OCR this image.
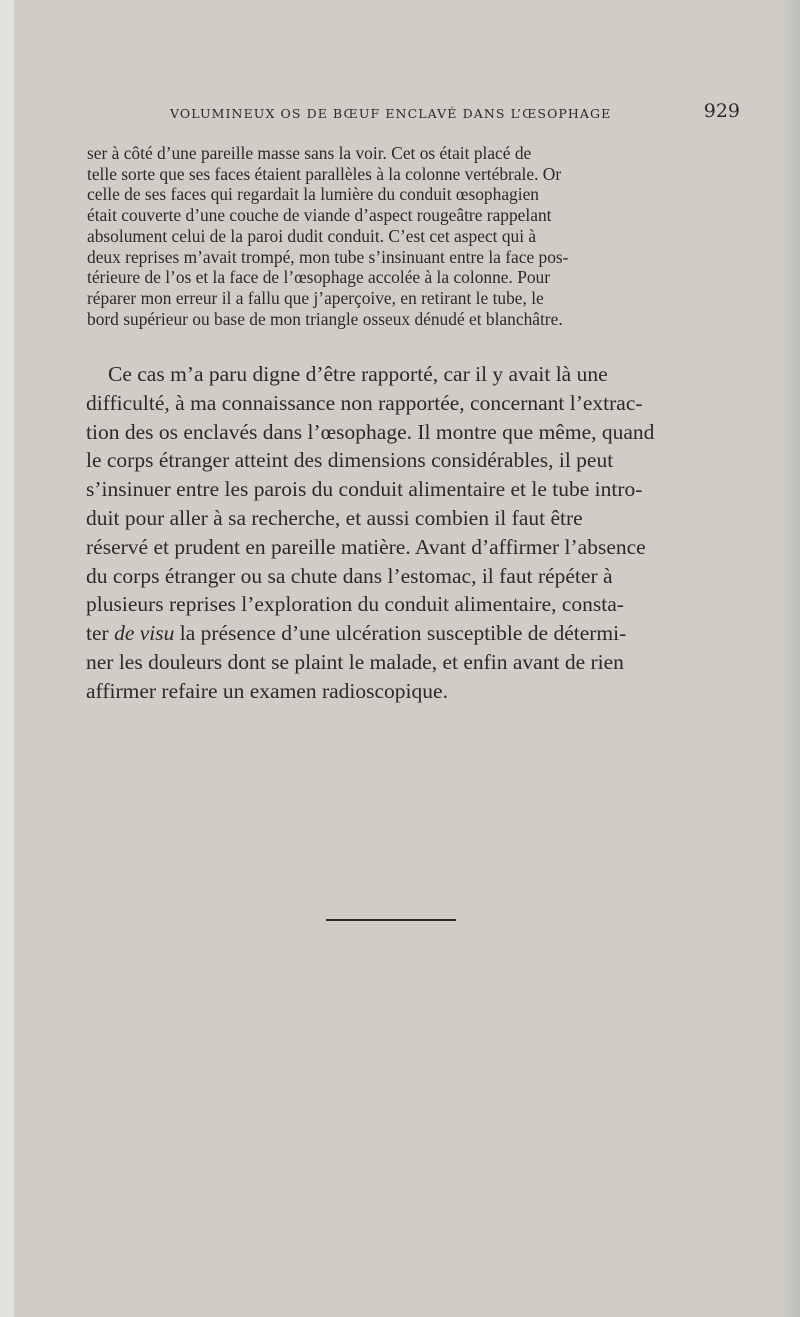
VOLUMINEUX OS DE BŒUF ENCLAVÉ DANS L’ŒSOPHAGE	929
ser à côté d’une pareille masse sans la voir. Cet os était placé de
telle sorte que ses faces étaient parallèles à la colonne vertébrale. Or
celle de ses faces qui regardait la lumière du conduit œsophagien
était couverte d’une couche de viande d’aspect rougeâtre rappelant
absolument celui de la paroi dudit conduit. C’est cet aspect qui à
deux reprises m’avait trompé, mon tube s’insinuant entre la face pos-
térieure de l’os et la face de l’œsophage accolée à la colonne. Pour
réparer mon erreur il a fallu que j’aperçoive, en retirant le tube, le
bord supérieur ou base de mon triangle osseux dénudé et blanchâtre.
Ce cas m’a paru digne d’être rapporté, car il y avait là une
difficulté, à ma connaissance non rapportée, concernant l’extrac-
tion des os enclavés dans l’œsophage. Il montre que même, quand
le corps étranger atteint des dimensions considérables, il peut
s’insinuer entre les parois du conduit alimentaire et le tube intro-
duit pour aller à sa recherche, et aussi combien il faut être
réservé et prudent en pareille matière. Avant d’affirmer l’absence
du corps étranger ou sa chute dans l’estomac, il faut répéter à
plusieurs reprises l’exploration du conduit alimentaire, consta-
ter de visu la présence d’une ulcération susceptible de détermi-
ner les douleurs dont se plaint le malade, et enfin avant de rien
affirmer refaire un examen radioscopique.
